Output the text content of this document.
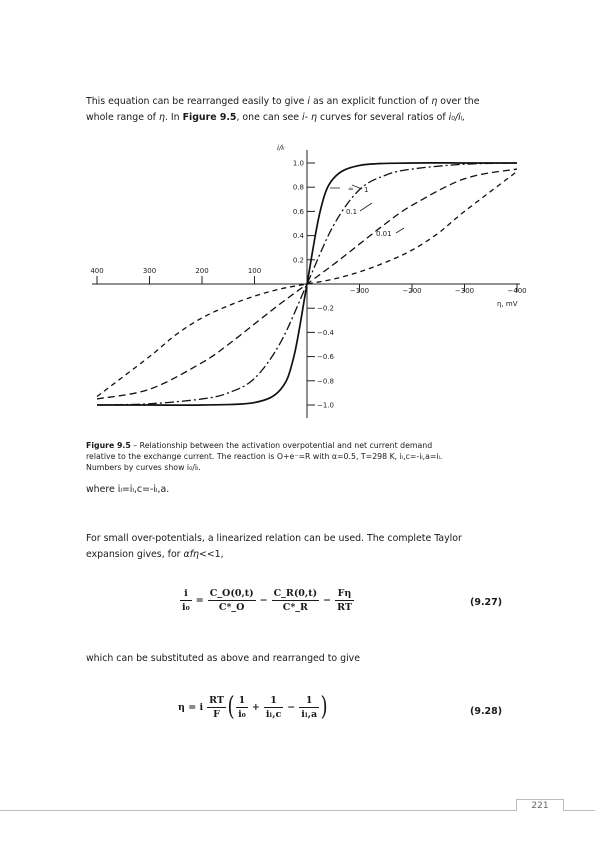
This equation can be rearranged easily to give i as an explicit function of η over the
whole range of η. In Figure 9.5, one can see i- η curves for several ratios of i₀/iₗ,
400	300	200	100
−100	−200	−300	−400
1.0
0.8
0.6
0.4
0.2
−0.2
−0.4
−0.6
−0.8
−1.0
i/iₗ
η, mV
∞ 1
0.1
0.01
Figure 9.5 – Relationship between the activation overpotential and net current demand
relative to the exchange current. The reaction is O+e⁻=R with α=0.5, T=298 K, iₗ,c=-iₗ,a=iₗ.
Numbers by curves show i₀/iₗ.
where iₗ=iₗ,c=-iₗ,a.
For small over-potentials, a linearized relation can be used. The complete Taylor
expansion gives, for αfη<<1,
$\frac{i}{\text{i₀}} = \frac{C\_O(0,t)}{C*\_O} - \frac{C\_R(0,t)}{C*\_R} - \frac{F\eta}{RT}$	(9.27)
which can be substituted as above and rearranged to give
η = i $\frac{RT}{F}$ ( $\frac{1}{\text{i₀}} + \frac{1}{\text{iₗ,c}} - \frac{1}{\text{iₗ,a}}$ )	(9.28)
221
